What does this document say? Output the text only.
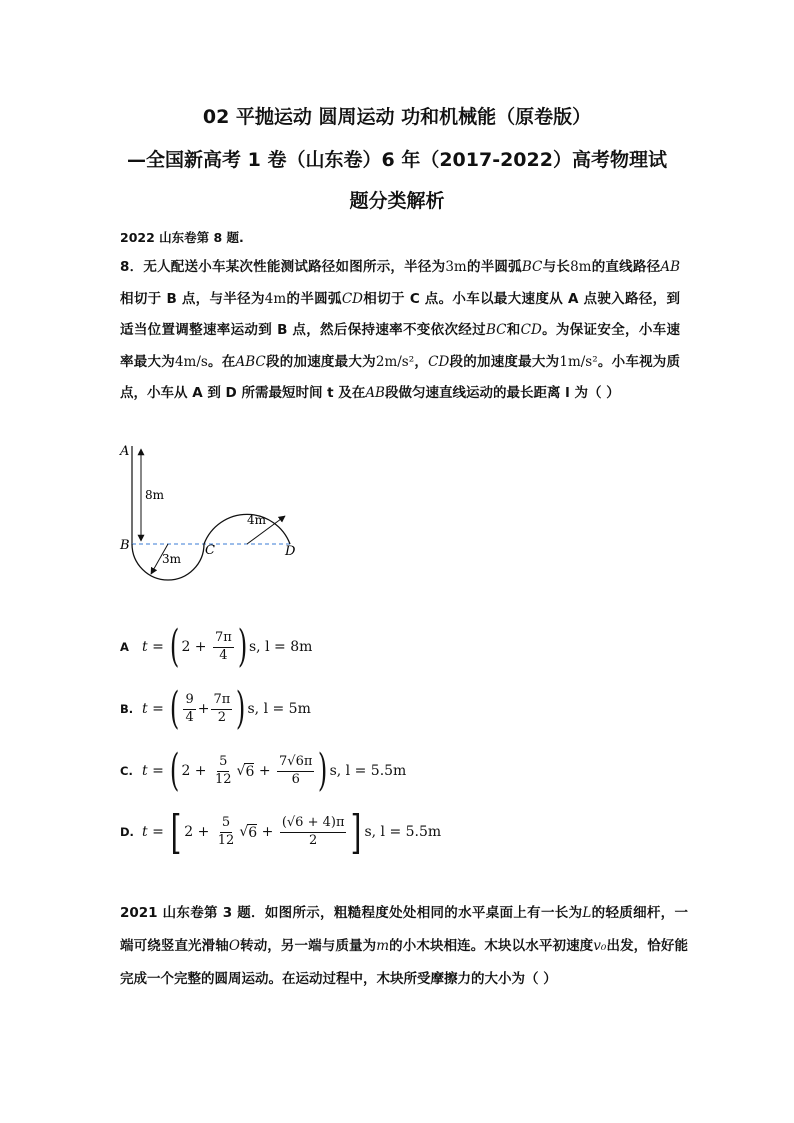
02 平抛运动 圆周运动 功和机械能（原卷版）
—全国新高考 1 卷（山东卷）6 年（2017-2022）高考物理试
题分类解析
2022 山东卷第 8 题.

8．无人配送小车某次性能测试路径如图所示，半径为3m的半圆弧BC与长8m的直线路径AB相切于 B 点，与半径为4m的半圆弧CD相切于 C 点。小车以最大速度从 A 点驶入路径，到适当位置调整速率运动到 B 点，然后保持速率不变依次经过BC和CD。为保证安全，小车速率最大为4m/s。在ABC段的加速度最大为2m/s²，CD段的加速度最大为1m/s²。小车视为质点，小车从 A 到 D 所需最短时间 t 及在AB段做匀速直线运动的最长距离 l 为（ ）

A
B	C	D
8m
3m
4m
A t = ( $2 + \frac{7\pi}{4}$ ) s, l = 8m
B. t = ( $\frac{9}{4} + \frac{7\pi}{2}$ ) s, l = 5m
C. t = ( $2 + \frac{5}{12}$ √ $6 + \frac{7√6\pi}{6}$ ) s, l = 5.5m
D. t = [ $2 + \frac{5}{12}$ √ $6 + \frac{(√6 + 4)\pi}{2}$ ] s, l = 5.5m

2021 山东卷第 3 题．如图所示，粗糙程度处处相同的水平桌面上有一长为L的轻质细杆，一端可绕竖直光滑轴O转动，另一端与质量为m的小木块相连。木块以水平初速度v₀出发，恰好能完成一个完整的圆周运动。在运动过程中，木块所受摩擦力的大小为（ ）
